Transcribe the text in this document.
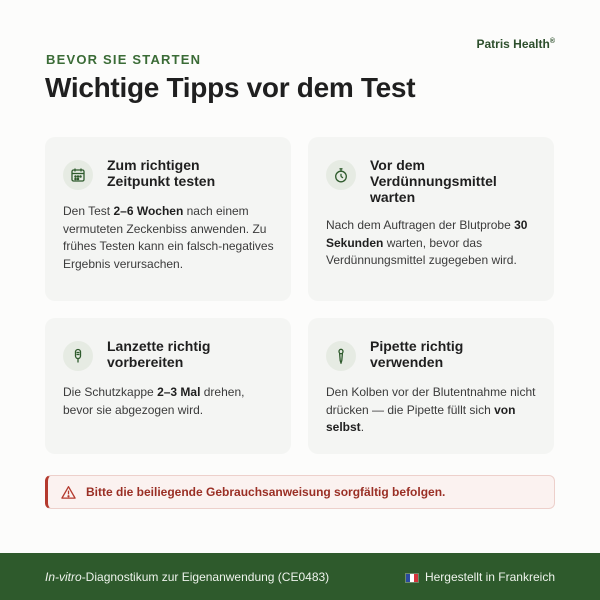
Patris Health®
BEVOR SIE STARTEN
Wichtige Tipps vor dem Test
Zum richtigen Zeitpunkt testen

Den Test 2–6 Wochen nach einem vermuteten Zeckenbiss anwenden. Zu frühes Testen kann ein falsch-negatives Ergebnis verursachen.

Vor dem Verdünnungsmittel warten

Nach dem Auftragen der Blutprobe 30 Sekunden warten, bevor das Verdünnungsmittel zugegeben wird.

Lanzette richtig vorbereiten

Die Schutzkappe 2–3 Mal drehen, bevor sie abgezogen wird.

Pipette richtig verwenden

Den Kolben vor der Blutentnahme nicht drücken — die Pipette füllt sich von selbst.

Bitte die beiliegende Gebrauchsanweisung sorgfältig befolgen.
In-vitro-Diagnostikum zur Eigenanwendung (CE0483)	Hergestellt in Frankreich
